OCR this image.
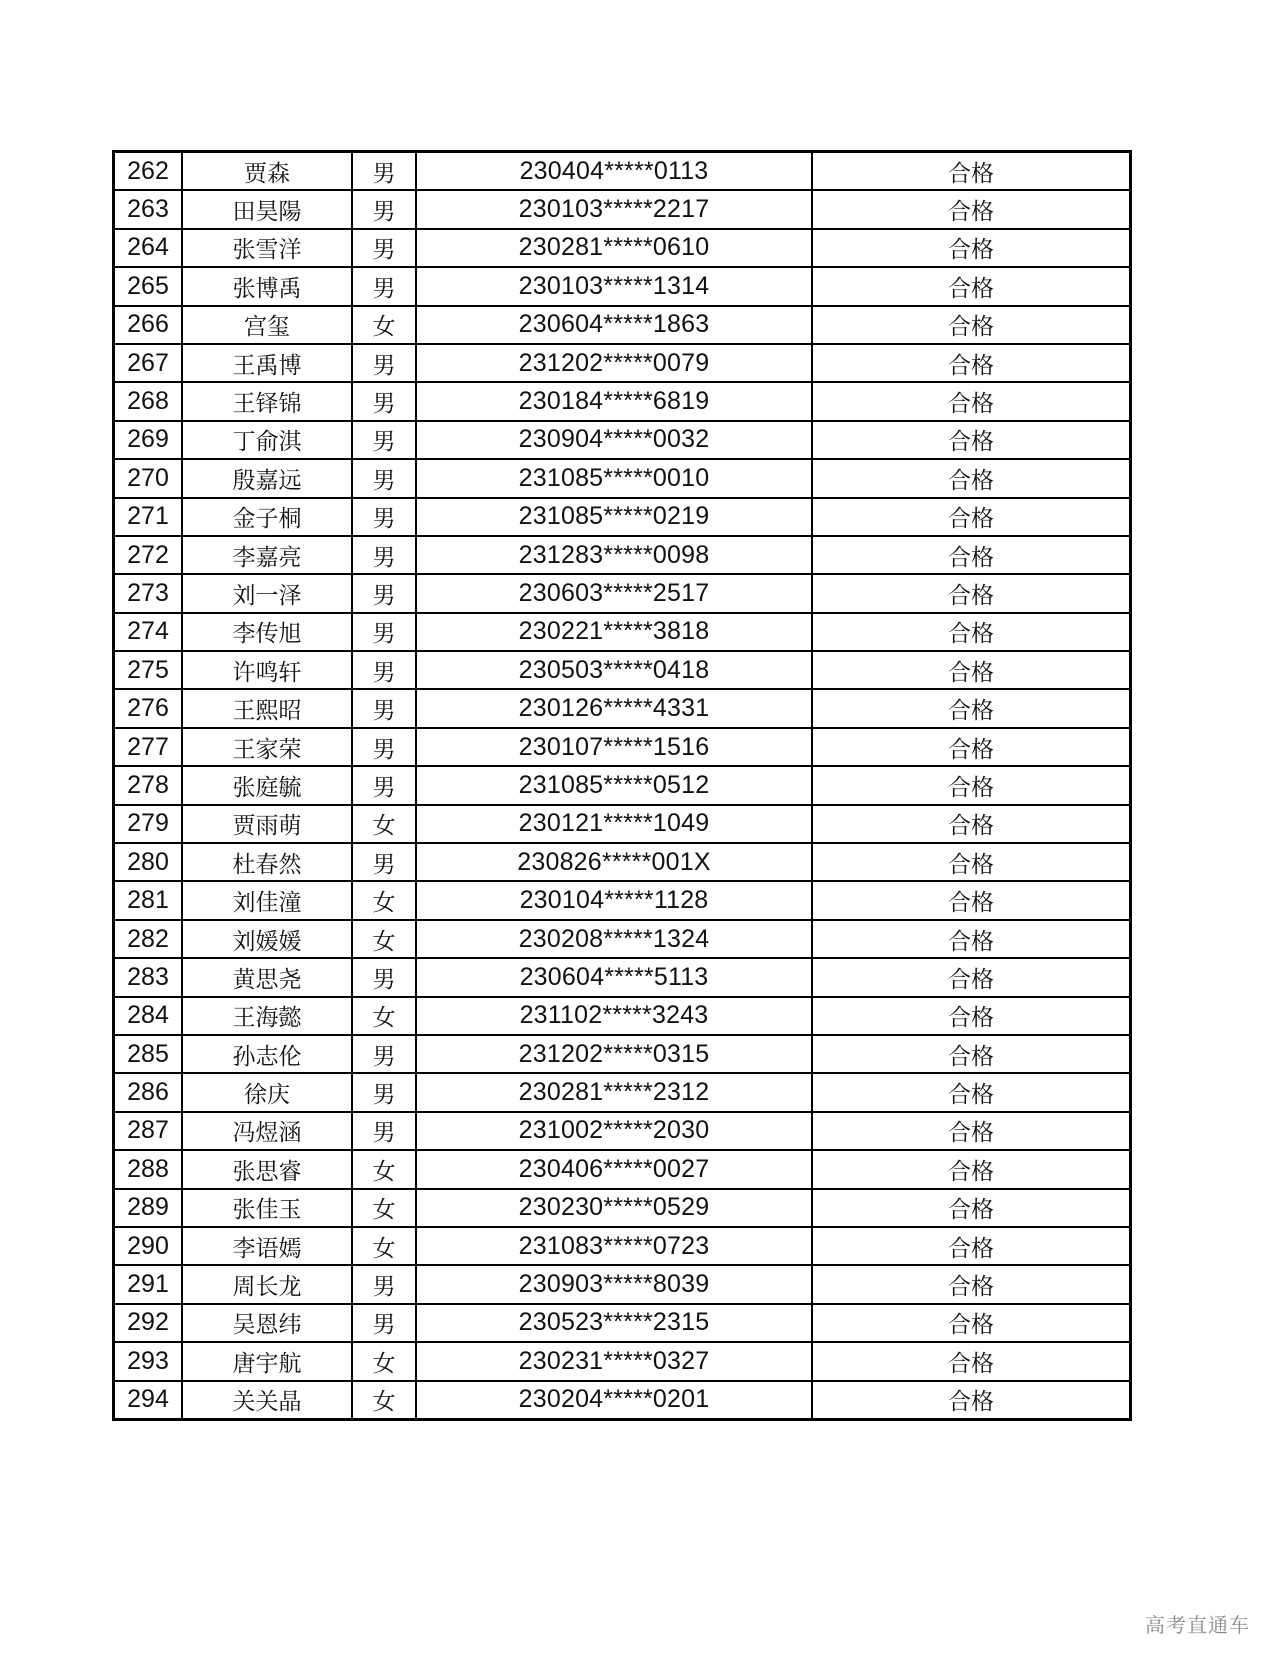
262	贾森	男	230404*****0113	合格
263	田昊陽	男	230103*****2217	合格
264	张雪洋	男	230281*****0610	合格
265	张博禹	男	230103*****1314	合格
266	宫玺	女	230604*****1863	合格
267	王禹博	男	231202*****0079	合格
268	王铎锦	男	230184*****6819	合格
269	丁俞淇	男	230904*****0032	合格
270	殷嘉远	男	231085*****0010	合格
271	金子桐	男	231085*****0219	合格
272	李嘉亮	男	231283*****0098	合格
273	刘一泽	男	230603*****2517	合格
274	李传旭	男	230221*****3818	合格
275	许鸣轩	男	230503*****0418	合格
276	王熙昭	男	230126*****4331	合格
277	王家荣	男	230107*****1516	合格
278	张庭毓	男	231085*****0512	合格
279	贾雨萌	女	230121*****1049	合格
280	杜春然	男	230826*****001X	合格
281	刘佳潼	女	230104*****1128	合格
282	刘媛媛	女	230208*****1324	合格
283	黄思尧	男	230604*****5113	合格
284	王海懿	女	231102*****3243	合格
285	孙志伦	男	231202*****0315	合格
286	徐庆	男	230281*****2312	合格
287	冯煜涵	男	231002*****2030	合格
288	张思睿	女	230406*****0027	合格
289	张佳玉	女	230230*****0529	合格
290	李语嫣	女	231083*****0723	合格
291	周长龙	男	230903*****8039	合格
292	吴恩纬	男	230523*****2315	合格
293	唐宇航	女	230231*****0327	合格
294	关关晶	女	230204*****0201	合格
高考直通车
